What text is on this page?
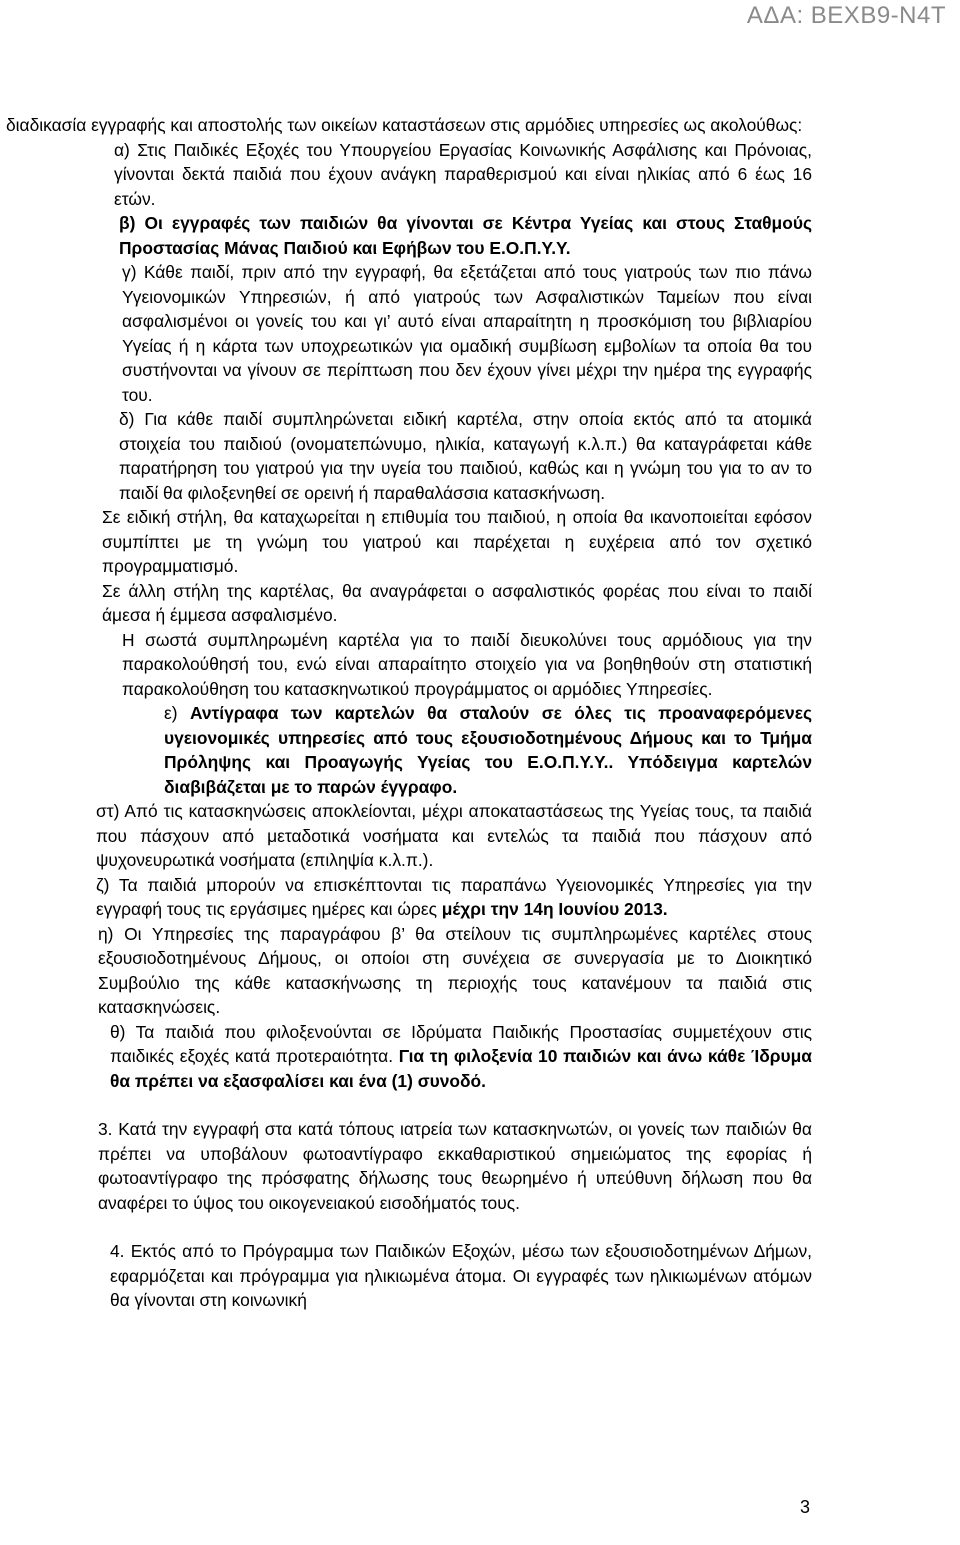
ΑΔΑ: ΒΕΧΒ9-Ν4Τ

διαδικασία εγγραφής και αποστολής των οικείων καταστάσεων στις αρμόδιες υπηρεσίες ως ακολούθως:

α) Στις Παιδικές Εξοχές του Υπουργείου Εργασίας Κοινωνικής Ασφάλισης και Πρόνοιας, γίνονται δεκτά παιδιά που έχουν ανάγκη παραθερισμού και είναι ηλικίας από 6 έως 16 ετών.

β) Οι εγγραφές των παιδιών θα γίνονται σε Κέντρα Υγείας και στους Σταθμούς Προστασίας Μάνας Παιδιού και Εφήβων του Ε.Ο.Π.Υ.Υ.

γ) Κάθε παιδί, πριν από την εγγραφή, θα εξετάζεται από τους γιατρούς των πιο πάνω Υγειονομικών Υπηρεσιών, ή από γιατρούς των Ασφαλιστικών Ταμείων που είναι ασφαλισμένοι οι γονείς του και γι’ αυτό είναι απαραίτητη η προσκόμιση του βιβλιαρίου Υγείας ή η κάρτα των υποχρεωτικών για ομαδική συμβίωση εμβολίων τα οποία θα του συστήνονται να γίνουν σε περίπτωση που δεν έχουν γίνει μέχρι την ημέρα της εγγραφής του.

δ) Για κάθε παιδί συμπληρώνεται ειδική καρτέλα, στην οποία εκτός από τα ατομικά στοιχεία του παιδιού (ονοματεπώνυμο, ηλικία, καταγωγή κ.λ.π.) θα καταγράφεται κάθε παρατήρηση του γιατρού για την υγεία του παιδιού, καθώς και η γνώμη του για το αν το παιδί θα φιλοξενηθεί σε ορεινή ή παραθαλάσσια κατασκήνωση.

Σε ειδική στήλη, θα καταχωρείται η επιθυμία του παιδιού, η οποία θα ικανοποιείται εφόσον συμπίπτει με τη γνώμη του γιατρού και παρέχεται η ευχέρεια από τον σχετικό προγραμματισμό.

Σε άλλη στήλη της καρτέλας, θα αναγράφεται ο ασφαλιστικός φορέας που είναι το παιδί άμεσα ή έμμεσα ασφαλισμένο.

Η σωστά συμπληρωμένη καρτέλα για το παιδί διευκολύνει τους αρμόδιους για την παρακολούθησή του, ενώ είναι απαραίτητο στοιχείο για να βοηθηθούν στη στατιστική παρακολούθηση του κατασκηνωτικού προγράμματος οι αρμόδιες Υπηρεσίες.

ε) Αντίγραφα των καρτελών θα σταλούν σε όλες τις προαναφερόμενες υγειονομικές υπηρεσίες από τους εξουσιοδοτημένους Δήμους και το Τμήμα Πρόληψης και Προαγωγής Υγείας του Ε.Ο.Π.Υ.Υ.. Υπόδειγμα καρτελών διαβιβάζεται με το παρών έγγραφο.

στ) Από τις κατασκηνώσεις αποκλείονται, μέχρι αποκαταστάσεως της Υγείας τους, τα παιδιά που πάσχουν από μεταδοτικά νοσήματα και εντελώς τα παιδιά που πάσχουν από ψυχονευρωτικά νοσήματα (επιληψία κ.λ.π.).

ζ) Τα παιδιά μπορούν να επισκέπτονται τις παραπάνω Υγειονομικές Υπηρεσίες για την εγγραφή τους τις εργάσιμες ημέρες και ώρες μέχρι την 14η Ιουνίου 2013.

η) Οι Υπηρεσίες της παραγράφου β’ θα στείλουν τις συμπληρωμένες καρτέλες στους εξουσιοδοτημένους Δήμους, οι οποίοι στη συνέχεια σε συνεργασία με το Διοικητικό Συμβούλιο της κάθε κατασκήνωσης τη περιοχής τους κατανέμουν τα παιδιά στις κατασκηνώσεις.

θ) Τα παιδιά που φιλοξενούνται σε Ιδρύματα Παιδικής Προστασίας συμμετέχουν στις παιδικές εξοχές κατά προτεραιότητα. Για τη φιλοξενία 10 παιδιών και άνω κάθε Ίδρυμα θα πρέπει να εξασφαλίσει και ένα (1) συνοδό.

3. Κατά την εγγραφή στα κατά τόπους ιατρεία των κατασκηνωτών, οι γονείς των παιδιών θα πρέπει να υποβάλουν φωτοαντίγραφο εκκαθαριστικού σημειώματος της εφορίας ή φωτοαντίγραφο της πρόσφατης δήλωσης τους θεωρημένο ή υπεύθυνη δήλωση που θα αναφέρει το ύψος του οικογενειακού εισοδήματός τους.

4. Εκτός από το Πρόγραμμα των Παιδικών Εξοχών, μέσω των εξουσιοδοτημένων Δήμων, εφαρμόζεται και πρόγραμμα για ηλικιωμένα άτομα. Οι εγγραφές των ηλικιωμένων ατόμων θα γίνονται στη κοινωνική

3
